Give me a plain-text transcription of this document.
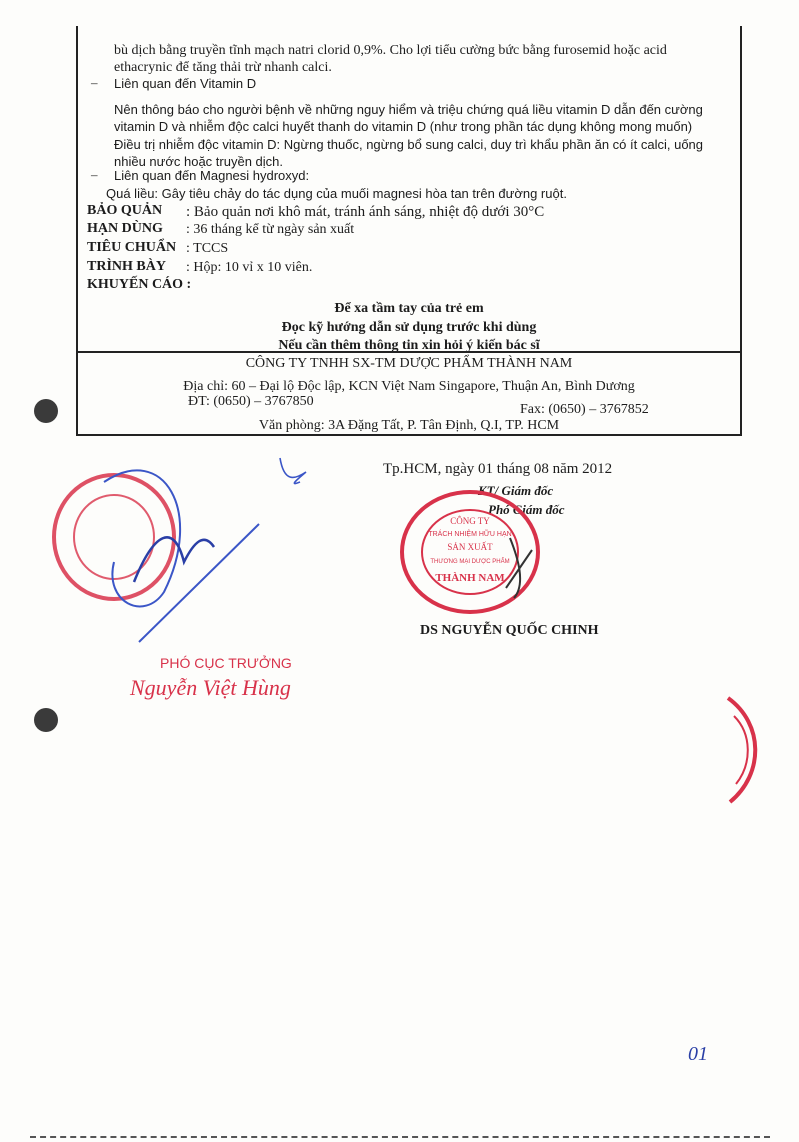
bù dịch bằng truyền tĩnh mạch natri clorid 0,9%. Cho lợi tiểu cường bức bằng furosemid hoặc acid
ethacrynic để tăng thải trừ nhanh calci.
– Liên quan đến Vitamin D
Nên thông báo cho người bệnh về những nguy hiểm và triệu chứng quá liều vitamin D dẫn đến cường
vitamin D và nhiễm độc calci huyết thanh do vitamin D (như trong phần tác dụng không mong muốn)
Điều trị nhiễm độc vitamin D: Ngừng thuốc, ngừng bổ sung calci, duy trì khẩu phần ăn có ít calci, uống
nhiều nước hoặc truyền dịch.
– Liên quan đến Magnesi hydroxyd:
Quá liều: Gây tiêu chảy do tác dụng của muối magnesi hòa tan trên đường ruột.
BẢO QUẢN : Bảo quản nơi khô mát, tránh ánh sáng, nhiệt độ dưới 30°C
HẠN DÙNG : 36 tháng kể từ ngày sản xuất
TIÊU CHUẨN : TCCS
TRÌNH BÀY : Hộp: 10 vỉ x 10 viên.
KHUYẾN CÁO :
Để xa tầm tay của trẻ em
Đọc kỹ hướng dẫn sử dụng trước khi dùng
Nếu cần thêm thông tin xin hỏi ý kiến bác sĩ
CÔNG TY TNHH SX-TM DƯỢC PHẨM THÀNH NAM
Địa chỉ: 60 – Đại lộ Độc lập, KCN Việt Nam Singapore, Thuận An, Bình Dương
ĐT: (0650) – 3767850
Fax: (0650) – 3767852
Văn phòng: 3A Đặng Tất, P. Tân Định, Q.I, TP. HCM
Tp.HCM, ngày 01 tháng 08 năm 2012
KT/ Giám đốc
Phó Giám đốc
DS NGUYỄN QUỐC CHINH
CÔNG TY
TRÁCH NHIỆM HỮU HẠN
SẢN XUẤT
THƯƠNG MẠI DƯỢC PHẨM
THÀNH NAM
PHÓ CỤC TRƯỞNG
Nguyễn Việt Hùng
01
